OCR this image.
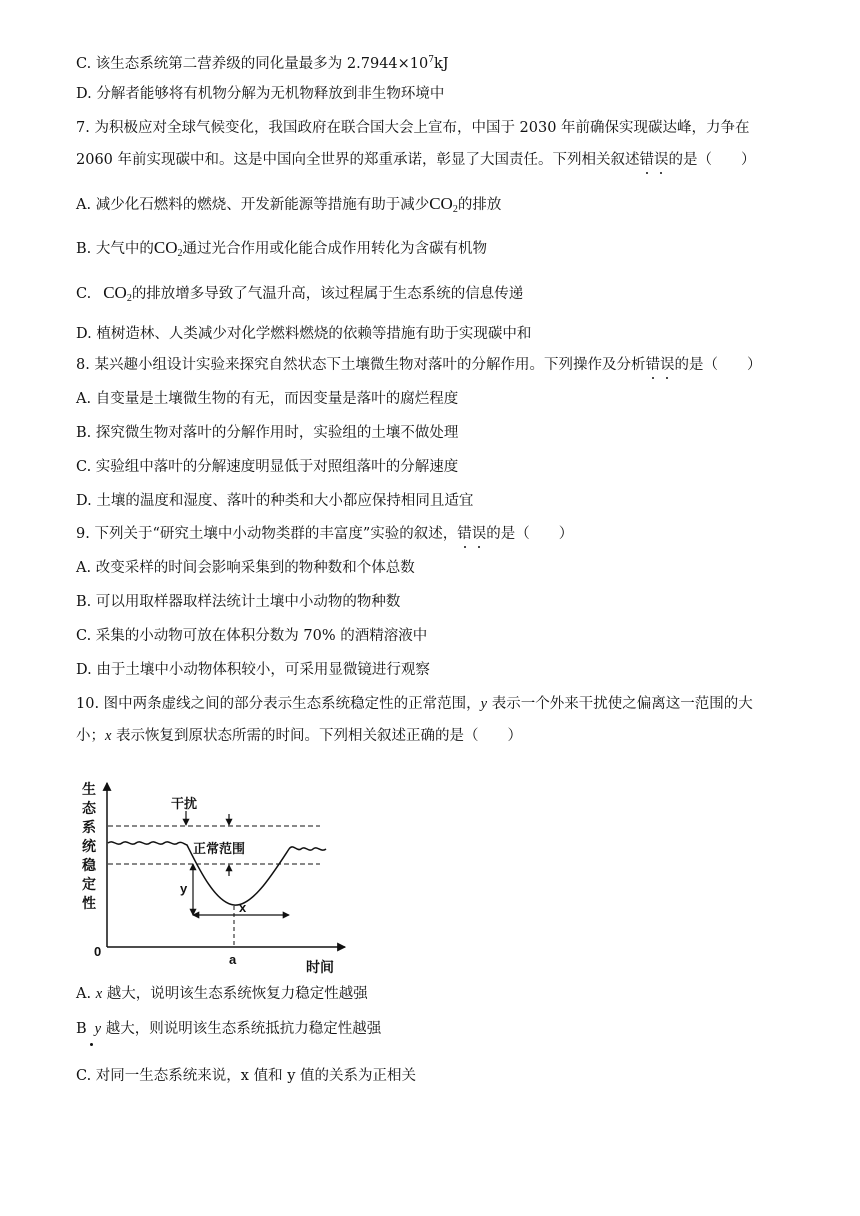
C. 该生态系统第二营养级的同化量最多为 $2.7944\times 10^7kJ$
D. 分解者能够将有机物分解为无机物释放到非生物环境中
7. 为积极应对全球气候变化，我国政府在联合国大会上宣布，中国于 2030 年前确保实现碳达峰，力争在
2060 年前实现碳中和。这是中国向全世界的郑重承诺，彰显了大国责任。下列相关叙述错误的是（　　）
A. 减少化石燃料的燃烧、开发新能源等措施有助于减少$CO_2$的排放
B. 大气中的$CO_2$通过光合作用或化能合成作用转化为含碳有机物
C. $CO_2$的排放增多导致了气温升高，该过程属于生态系统的信息传递
D. 植树造林、人类减少对化学燃料燃烧的依赖等措施有助于实现碳中和
8. 某兴趣小组设计实验来探究自然状态下土壤微生物对落叶的分解作用。下列操作及分析错误的是（　　）
A. 自变量是土壤微生物的有无，而因变量是落叶的腐烂程度
B. 探究微生物对落叶的分解作用时，实验组的土壤不做处理
C. 实验组中落叶的分解速度明显低于对照组落叶的分解速度
D. 土壤的温度和湿度、落叶的种类和大小都应保持相同且适宜
9. 下列关于“研究土壤中小动物类群的丰富度”实验的叙述，错误的是（　　）
A. 改变采样的时间会影响采集到的物种数和个体总数
B. 可以用取样器取样法统计土壤中小动物的物种数
C. 采集的小动物可放在体积分数为 70% 的酒精溶液中
D. 由于土壤中小动物体积较小，可采用显微镜进行观察
10. 图中两条虚线之间的部分表示生态系统稳定性的正常范围，y 表示一个外来干扰使之偏离这一范围的大
小；x 表示恢复到原状态所需的时间。下列相关叙述正确的是（　　）
生
态
系
统
稳
定
性
0
时间
干扰
正常范围
y
x
a
A. x 越大，说明该生态系统恢复力稳定性越强
B y 越大，则说明该生态系统抵抗力稳定性越强
C. 对同一生态系统来说，x 值和 y 值的关系为正相关
